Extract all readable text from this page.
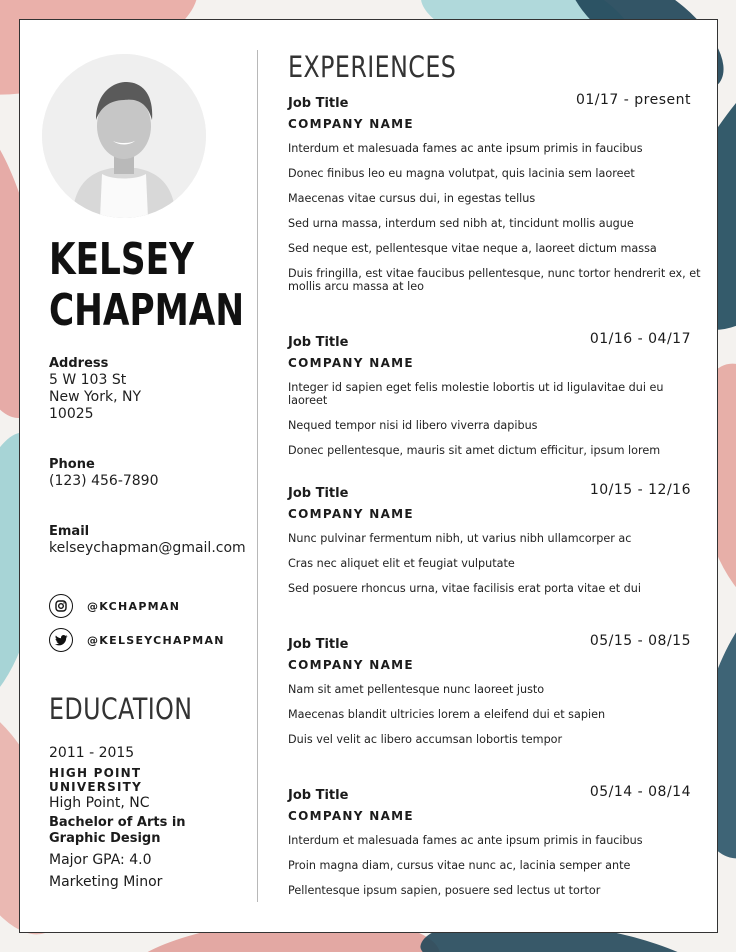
KELSEY
CHAPMAN
Address
5 W 103 St
New York, NY
10025
Phone
(123) 456-7890
Email
kelseychapman@gmail.com
@KCHAPMAN
@KELSEYCHAPMAN
EDUCATION
2011 - 2015
HIGH POINT UNIVERSITY
High Point, NC
Bachelor of Arts in Graphic Design
Major GPA: 4.0
Marketing Minor
EXPERIENCES
Job Title	01/17 - present
COMPANY NAME
Interdum et malesuada fames ac ante ipsum primis in faucibus
Donec finibus leo eu magna volutpat, quis lacinia sem laoreet
Maecenas vitae cursus dui, in egestas tellus
Sed urna massa, interdum sed nibh at, tincidunt mollis augue
Sed neque est, pellentesque vitae neque a, laoreet dictum massa
Duis fringilla, est vitae faucibus pellentesque, nunc tortor hendrerit ex, et mollis arcu massa at leo
Job Title	01/16 - 04/17
COMPANY NAME
Integer id sapien eget felis molestie lobortis ut id ligulavitae dui eu laoreet
Nequed tempor nisi id libero viverra dapibus
Donec pellentesque, mauris sit amet dictum efficitur, ipsum lorem
Job Title	10/15 - 12/16
COMPANY NAME
Nunc pulvinar fermentum nibh, ut varius nibh ullamcorper ac
Cras nec aliquet elit et feugiat vulputate
Sed posuere rhoncus urna, vitae facilisis erat porta vitae et dui
Job Title	05/15 - 08/15
COMPANY NAME
Nam sit amet pellentesque nunc laoreet justo
Maecenas blandit ultricies lorem a eleifend dui et sapien
Duis vel velit ac libero accumsan lobortis tempor
Job Title	05/14 - 08/14
COMPANY NAME
Interdum et malesuada fames ac ante ipsum primis in faucibus
Proin magna diam, cursus vitae nunc ac, lacinia semper ante
Pellentesque ipsum sapien, posuere sed lectus ut tortor
